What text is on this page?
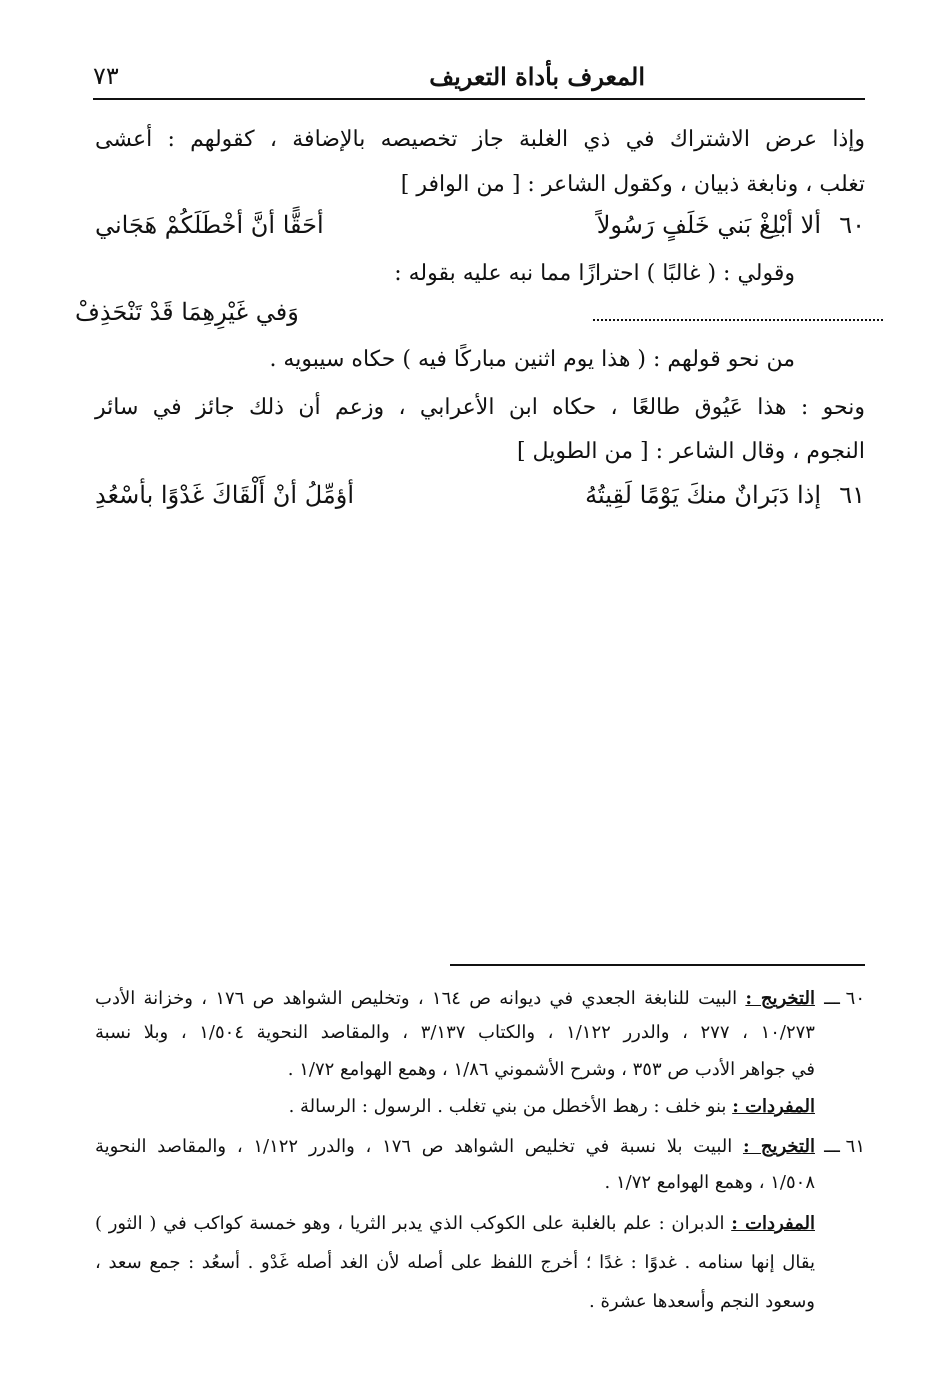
٧٣	المعرف بأداة التعريف
وإذا عرض الاشتراك في ذي الغلبة جاز تخصيصه بالإضافة ، كقولهم : أعشى
تغلب ، ونابغة ذبيان ، وكقول الشاعر : [ من الوافر ]
٦٠
ألا أبْلِغْ بَني خَلَفٍ رَسُولاً
أحَقًّا أنَّ أخْطَلَكُمْ هَجَاني
وقولي : ( غالبًا ) احترازًا مما نبه عليه بقوله :
وَفي غَيْرِهِمَا قَدْ تَنْحَذِفْ
من نحو قولهم : ( هذا يوم اثنين مباركًا فيه ) حكاه سيبويه .
ونحو : هذا عَيُوق طالعًا ، حكاه ابن الأعرابي ، وزعم أن ذلك جائز في سائر
النجوم ، وقال الشاعر : [ من الطويل ]
٦١
إذا دَبَرانٌ منكَ يَوْمًا لَقِيتُهُ
أؤمِّلُ أنْ أَلْقَاكَ غَدْوًا بأسْعُدِ
٦٠ ـــ
التخريج : البيت للنابغة الجعدي في ديوانه ص ١٦٤ ، وتخليص الشواهد ص ١٧٦ ، وخزانة الأدب
١٠/٢٧٣ ، ٢٧٧ ، والدرر ١/١٢٢ ، والكتاب ٣/١٣٧ ، والمقاصد النحوية ١/٥٠٤ ، وبلا نسبة
في جواهر الأدب ص ٣٥٣ ، وشرح الأشموني ١/٨٦ ، وهمع الهوامع ١/٧٢ .
المفردات : بنو خلف : رهط الأخطل من بني تغلب . الرسول : الرسالة .
٦١ ـــ
التخريج : البيت بلا نسبة في تخليص الشواهد ص ١٧٦ ، والدرر ١/١٢٢ ، والمقاصد النحوية
١/٥٠٨ ، وهمع الهوامع ١/٧٢ .
المفردات : الدبران : علم بالغلبة على الكوكب الذي يدبر الثريا ، وهو خمسة كواكب في ( الثور )
يقال إنها سنامه . غدوًا : غدًا ؛ أخرج اللفظ على أصله لأن الغد أصله غَدْو . أسعُد : جمع سعد ،
وسعود النجم وأسعدها عشرة .
